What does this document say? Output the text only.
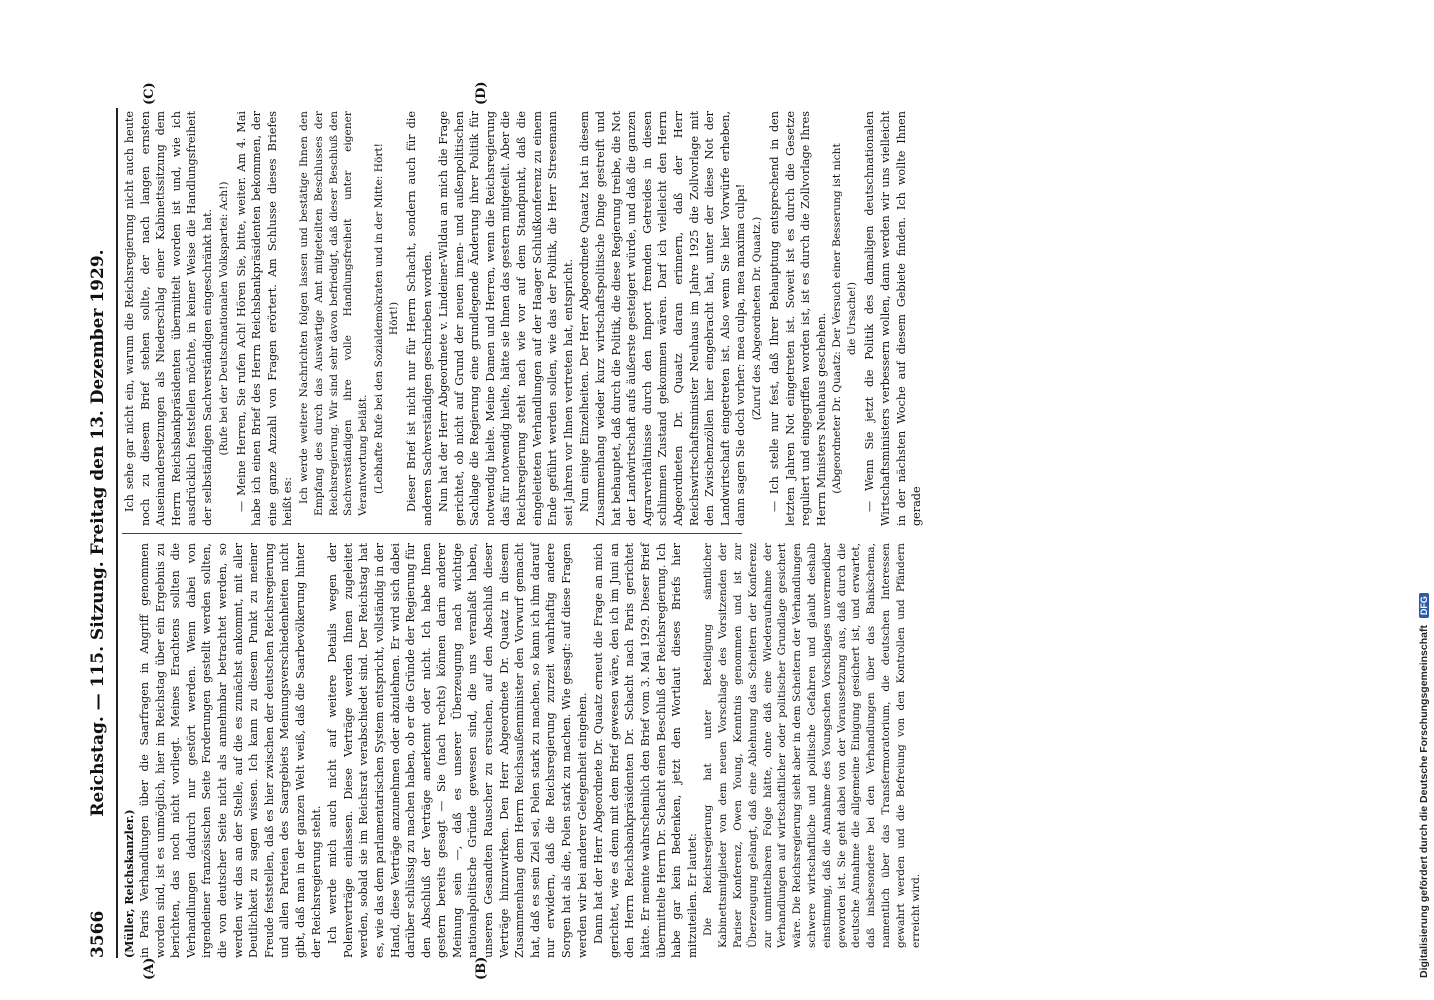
3566
Reichstag. — 115. Sitzung. Freitag den 13. Dezember 1929.
(A)	(B)
(C)	(D)

(Müller, Reichskanzler.) in Paris Verhandlungen über die Saarfragen in Angriff genommen worden sind, ist es unmöglich, hier im Reichstag über ein Ergebnis zu berichten, das noch nicht vorliegt. Meines Erachtens sollten die Verhandlungen dadurch nur gestört werden. Wenn dabei von irgendeiner französischen Seite Forderungen gestellt werden sollten, die von deutscher Seite nicht als annehmbar betrachtet werden, so werden wir das an der Stelle, auf die es zunächst ankommt, mit aller Deutlichkeit zu sagen wissen. Ich kann zu diesem Punkt zu meiner Freude feststellen, daß es hier zwischen der deutschen Reichsregierung und allen Parteien des Saargebiets Meinungsverschiedenheiten nicht gibt, daß man in der ganzen Welt weiß, daß die Saarbevölkerung hinter der Reichsregierung steht. Ich werde mich auch nicht auf weitere Details wegen der Polenverträge einlassen. Diese Verträge werden Ihnen zugeleitet werden, sobald sie im Reichsrat verabschiedet sind. Der Reichstag hat es, wie das dem parlamentarischen System entspricht, vollständig in der Hand, diese Verträge anzunehmen oder abzulehnen. Er wird sich dabei darüber schlüssig zu machen haben, ob er die Gründe der Regierung für den Abschluß der Verträge anerkennt oder nicht. Ich habe Ihnen gestern bereits gesagt — Sie (nach rechts) können darin anderer Meinung sein —, daß es unserer Überzeugung nach wichtige nationalpolitische Gründe gewesen sind, die uns veranlaßt haben, unseren Gesandten Rauscher zu ersuchen, auf den Abschluß dieser Verträge hinzuwirken. Den Herr Abgeordnete Dr. Quaatz in diesem Zusammenhang dem Herrn Reichsaußenminister den Vorwurf gemacht hat, daß es sein Ziel sei, Polen stark zu machen, so kann ich ihm darauf nur erwidern, daß die Reichsregierung zurzeit wahrhaftig andere Sorgen hat als die, Polen stark zu machen. Wie gesagt: auf diese Fragen werden wir bei anderer Gelegenheit eingehen. Dann hat der Herr Abgeordnete Dr. Quaatz erneut die Frage an mich gerichtet, wie es denn mit dem Brief gewesen wäre, den ich im Juni an den Herrn Reichsbankpräsidenten Dr. Schacht nach Paris gerichtet hätte. Er meinte wahrscheinlich den Brief vom 3. Mai 1929. Dieser Brief übermittelte Herrn Dr. Schacht einen Beschluß der Reichsregierung. Ich habe gar kein Bedenken, jetzt den Wortlaut dieses Briefs hier mitzuteilen. Er lautet: Die Reichsregierung hat unter Beteiligung sämtlicher Kabinettsmitglieder von dem neuen Vorschlage des Vorsitzenden der Pariser Konferenz, Owen Young, Kenntnis genommen und ist zur Überzeugung gelangt, daß eine Ablehnung das Scheitern der Konferenz zur unmittelbaren Folge hätte, ohne daß eine Wiederaufnahme der Verhandlungen auf wirtschaftlicher oder politischer Grundlage gesichert wäre. Die Reichsregierung sieht aber in dem Scheitern der Verhandlungen schwere wirtschaftliche und politische Gefahren und glaubt deshalb einstimmig, daß die Annahme des Youngschen Vorschlages unvermeidbar geworden ist. Sie geht dabei von der Voraussetzung aus, daß durch die deutsche Annahme die allgemeine Einigung gesichert ist, und erwartet, daß insbesondere bei den Verhandlungen über das Bankschema, namentlich über das Transfermoratorium, die deutschen Interessen gewahrt werden und die Befreiung von den Kontrollen und Pfändern erreicht wird.

Ich sehe gar nicht ein, warum die Reichsregierung nicht auch heute noch zu diesem Brief stehen sollte, der nach langen ernsten Auseinandersetzungen als Niederschlag einer Kabinettssitzung dem Herrn Reichsbankpräsidenten übermittelt worden ist und, wie ich ausdrücklich feststellen möchte, in keiner Weise die Handlungsfreiheit der selbständigen Sachverständigen eingeschränkt hat. (Rufe bei der Deutschnationalen Volkspartei: Ach!) — Meine Herren, Sie rufen Ach! Hören Sie, bitte, weiter. Am 4. Mai habe ich einen Brief des Herrn Reichsbankpräsidenten bekommen, der eine ganze Anzahl von Fragen erörtert. Am Schlusse dieses Briefes heißt es: Ich werde weitere Nachrichten folgen lassen und bestätige Ihnen den Empfang des durch das Auswärtige Amt mitgeteilten Beschlusses der Reichsregierung. Wir sind sehr davon befriedigt, daß dieser Beschluß den Sachverständigen ihre volle Handlungsfreiheit unter eigener Verantwortung beläßt. (Lebhafte Rufe bei den Sozialdemokraten und in der Mitte: Hört! Hört!) Dieser Brief ist nicht nur für Herrn Schacht, sondern auch für die anderen Sachverständigen geschrieben worden. Nun hat der Herr Abgeordnete v. Lindeiner-Wildau an mich die Frage gerichtet, ob nicht auf Grund der neuen innen- und außenpolitischen Sachlage die Regierung eine grundlegende Änderung ihrer Politik für notwendig hielte. Meine Damen und Herren, wenn die Reichsregierung das für notwendig hielte, hätte sie Ihnen das gestern mitgeteilt. Aber die Reichsregierung steht nach wie vor auf dem Standpunkt, daß die eingeleiteten Verhandlungen auf der Haager Schlußkonferenz zu einem Ende geführt werden sollen, wie das der Politik, die Herr Stresemann seit Jahren vor Ihnen vertreten hat, entspricht. Nun einige Einzelheiten. Der Herr Abgeordnete Quaatz hat in diesem Zusammenhang wieder kurz wirtschaftspolitische Dinge gestreift und hat behauptet, daß durch die Politik, die diese Regierung treibe, die Not der Landwirtschaft aufs äußerste gesteigert würde, und daß die ganzen Agrarverhältnisse durch den Import fremden Getreides in diesen schlimmen Zustand gekommen wären. Darf ich vielleicht den Herrn Abgeordneten Dr. Quaatz daran erinnern, daß der Herr Reichswirtschaftsminister Neuhaus im Jahre 1925 die Zollvorlage mit den Zwischenzöllen hier eingebracht hat, unter der diese Not der Landwirtschaft eingetreten ist. Also wenn Sie hier Vorwürfe erheben, dann sagen Sie doch vorher: mea culpa, mea maxima culpa! (Zuruf des Abgeordneten Dr. Quaatz.) — Ich stelle nur fest, daß Ihrer Behauptung entsprechend in den letzten Jahren Not eingetreten ist. Soweit ist es durch die Gesetze reguliert und eingegriffen worden ist, ist es durch die Zollvorlage Ihres Herrn Ministers Neuhaus geschehen. (Abgeordneter Dr. Quaatz: Der Versuch einer Besserung ist nicht die Ursache!) — Wenn Sie jetzt die Politik des damaligen deutschnationalen Wirtschaftsministers verbessern wollen, dann werden wir uns vielleicht in der nächsten Woche auf diesem Gebiete finden. Ich wollte Ihnen gerade

Digitalisierung gefördert durch die Deutsche Forschungsgemeinschaft DFG
